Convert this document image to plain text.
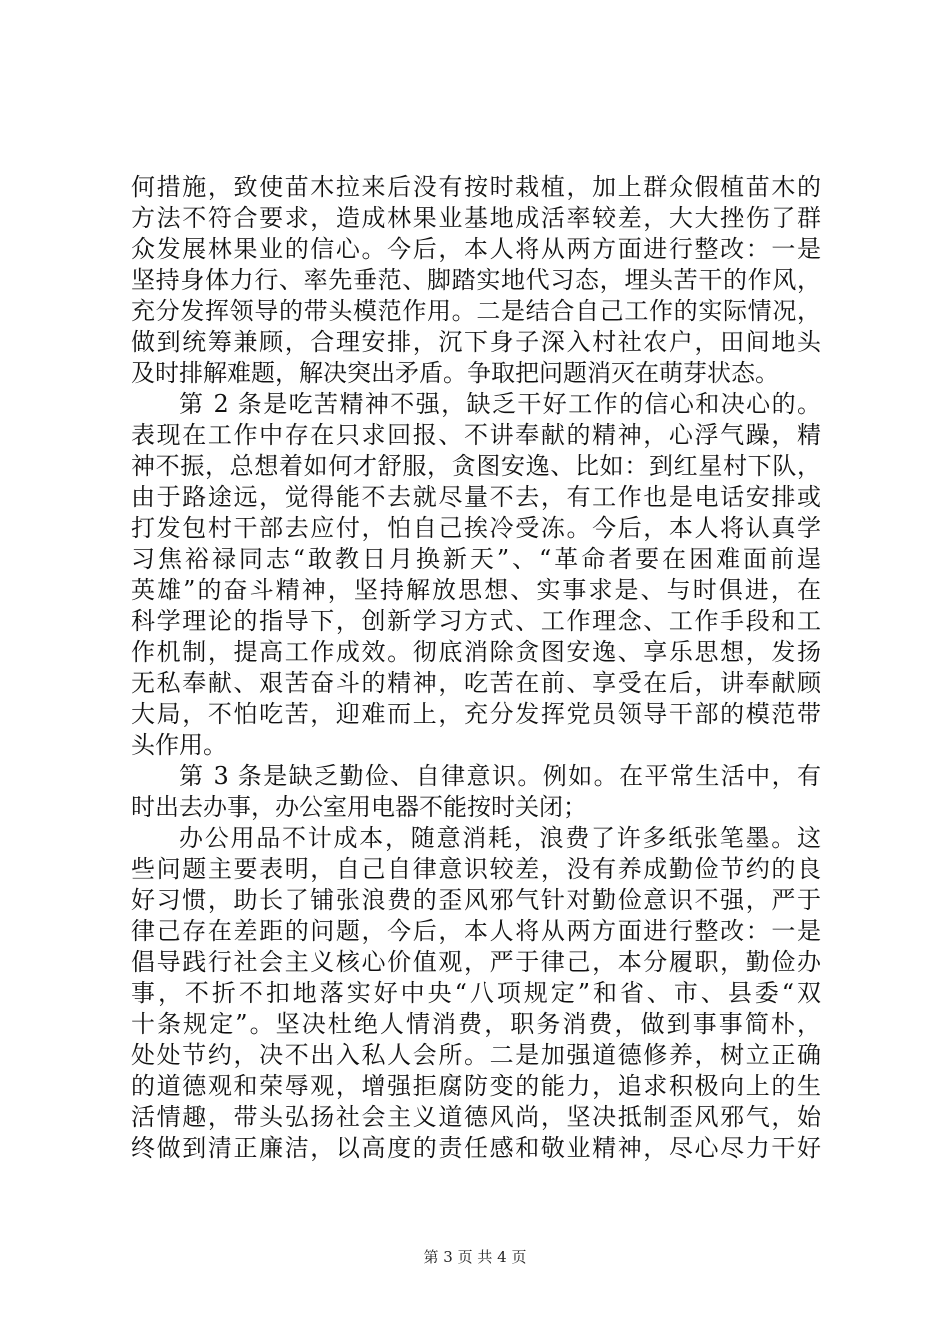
何措施，致使苗木拉来后没有按时栽植，加上群众假植苗木的
方法不符合要求，造成林果业基地成活率较差，大大挫伤了群
众发展林果业的信心。今后，本人将从两方面进行整改：一是
坚持身体力行、率先垂范、脚踏实地代习态，埋头苦干的作风，
充分发挥领导的带头模范作用。二是结合自己工作的实际情况，
做到统筹兼顾，合理安排，沉下身子深入村社农户，田间地头
及时排解难题，解决突出矛盾。争取把问题消灭在萌芽状态。
第 2 条是吃苦精神不强，缺乏干好工作的信心和决心的。
表现在工作中存在只求回报、不讲奉献的精神，心浮气躁，精
神不振，总想着如何才舒服，贪图安逸、比如：到红星村下队，
由于路途远，觉得能不去就尽量不去，有工作也是电话安排或
打发包村干部去应付，怕自己挨冷受冻。今后，本人将认真学
习焦裕禄同志“敢教日月换新天”、“革命者要在困难面前逞
英雄”的奋斗精神，坚持解放思想、实事求是、与时俱进，在
科学理论的指导下，创新学习方式、工作理念、工作手段和工
作机制，提高工作成效。彻底消除贪图安逸、享乐思想，发扬
无私奉献、艰苦奋斗的精神，吃苦在前、享受在后，讲奉献顾
大局，不怕吃苦，迎难而上，充分发挥党员领导干部的模范带
头作用。
第 3 条是缺乏勤俭、自律意识。例如。在平常生活中，有
时出去办事，办公室用电器不能按时关闭；
办公用品不计成本，随意消耗，浪费了许多纸张笔墨。这
些问题主要表明，自己自律意识较差，没有养成勤俭节约的良
好习惯，助长了铺张浪费的歪风邪气针对勤俭意识不强，严于
律己存在差距的问题，今后，本人将从两方面进行整改：一是
倡导践行社会主义核心价值观，严于律己，本分履职，勤俭办
事，不折不扣地落实好中央“八项规定”和省、市、县委“双
十条规定”。坚决杜绝人情消费，职务消费，做到事事简朴，
处处节约，决不出入私人会所。二是加强道德修养，树立正确
的道德观和荣辱观，增强拒腐防变的能力，追求积极向上的生
活情趣，带头弘扬社会主义道德风尚，坚决抵制歪风邪气，始
终做到清正廉洁，以高度的责任感和敬业精神，尽心尽力干好
第 3 页 共 4 页
